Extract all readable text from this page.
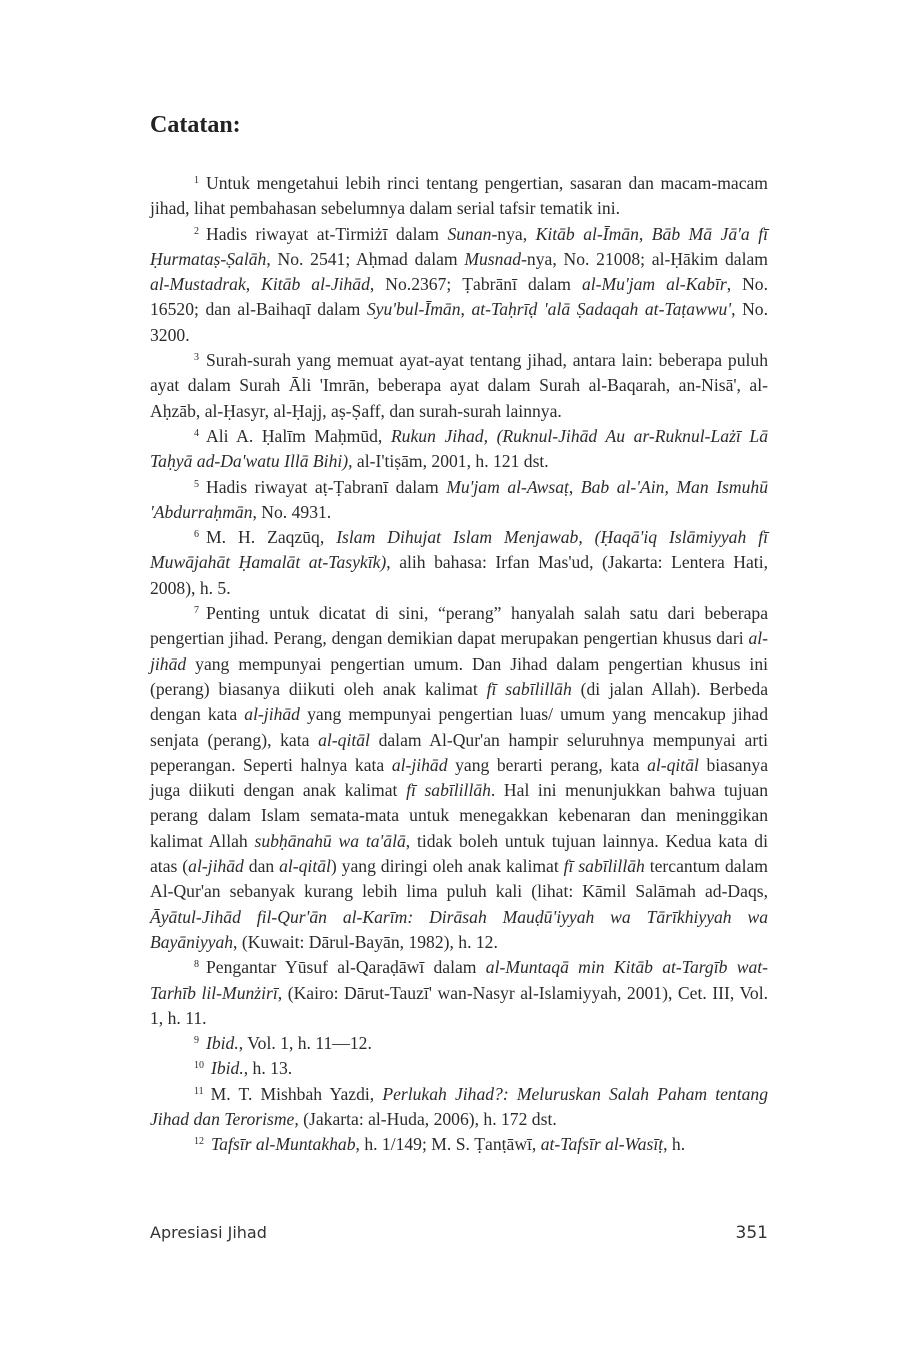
Catatan:

$^1$ Untuk mengetahui lebih rinci tentang pengertian, sasaran dan macam-macam jihad, lihat pembahasan sebelumnya dalam serial tafsir tematik ini.

$^2$ Hadis riwayat at-Tirmiżī dalam Sunan-nya, Kitāb al-Īmān, Bāb Mā Jā'a fī Ḥurmataṣ-Ṣalāh, No. 2541; Aḥmad dalam Musnad-nya, No. 21008; al-Ḥākim dalam al-Mustadrak, Kitāb al-Jihād, No.2367; Ṭabrānī dalam al-Mu'jam al-Kabīr, No. 16520; dan al-Baihaqī dalam Syu'bul-Īmān, at-Taḥrīḍ 'alā Ṣadaqah at-Taṭawwu', No. 3200.

$^3$ Surah-surah yang memuat ayat-ayat tentang jihad, antara lain: beberapa puluh ayat dalam Surah Āli 'Imrān, beberapa ayat dalam Surah al-Baqarah, an-Nisā', al-Aḥzāb, al-Ḥasyr, al-Ḥajj, aṣ-Ṣaff, dan surah-surah lainnya.

$^4$ Ali A. Ḥalīm Maḥmūd, Rukun Jihad, (Ruknul-Jihād Au ar-Ruknul-Lażī Lā Taḥyā ad-Da'watu Illā Bihi), al-I'tiṣām, 2001, h. 121 dst.

$^5$ Hadis riwayat aṭ-Ṭabranī dalam Mu'jam al-Awsaṭ, Bab al-'Ain, Man Ismuhū 'Abdurraḥmān, No. 4931.

$^6$ M. H. Zaqzūq, Islam Dihujat Islam Menjawab, (Ḥaqā'iq Islāmiyyah fī Muwājahāt Ḥamalāt at-Tasykīk), alih bahasa: Irfan Mas'ud, (Jakarta: Lentera Hati, 2008), h. 5.

$^7$ Penting untuk dicatat di sini, “perang” hanyalah salah satu dari beberapa pengertian jihad. Perang, dengan demikian dapat merupakan pengertian khusus dari al-jihād yang mempunyai pengertian umum. Dan Jihad dalam pengertian khusus ini (perang) biasanya diikuti oleh anak kalimat fī sabīlillāh (di jalan Allah). Berbeda dengan kata al-jihād yang mempunyai pengertian luas/ umum yang mencakup jihad senjata (perang), kata al-qitāl dalam Al-Qur'an hampir seluruhnya mempunyai arti peperangan. Seperti halnya kata al-jihād yang berarti perang, kata al-qitāl biasanya juga diikuti dengan anak kalimat fī sabīlillāh. Hal ini menunjukkan bahwa tujuan perang dalam Islam semata-mata untuk menegakkan kebenaran dan meninggikan kalimat Allah subḥānahū wa ta'ālā, tidak boleh untuk tujuan lainnya. Kedua kata di atas (al-jihād dan al-qitāl) yang diringi oleh anak kalimat fī sabīlillāh tercantum dalam Al-Qur'an sebanyak kurang lebih lima puluh kali (lihat: Kāmil Salāmah ad-Daqs, Āyātul-Jihād fil-Qur'ān al-Karīm: Dirāsah Mauḍū'iyyah wa Tārīkhiyyah wa Bayāniyyah, (Kuwait: Dārul-Bayān, 1982), h. 12.

$^8$ Pengantar Yūsuf al-Qaraḍāwī dalam al-Muntaqā min Kitāb at-Targīb wat-Tarhīb lil-Munżirī, (Kairo: Dārut-Tauzī' wan-Nasyr al-Islamiyyah, 2001), Cet. III, Vol. 1, h. 11.

$^9$ Ibid., Vol. 1, h. 11—12.

$^{10}$ Ibid., h. 13.

$^{11}$ M. T. Mishbah Yazdi, Perlukah Jihad?: Meluruskan Salah Paham tentang Jihad dan Terorisme, (Jakarta: al-Huda, 2006), h. 172 dst.

$^{12}$ Tafsīr al-Muntakhab, h. 1/149; M. S. Ṭanṭāwī, at-Tafsīr al-Wasīṭ, h.

Apresiasi Jihad	351
